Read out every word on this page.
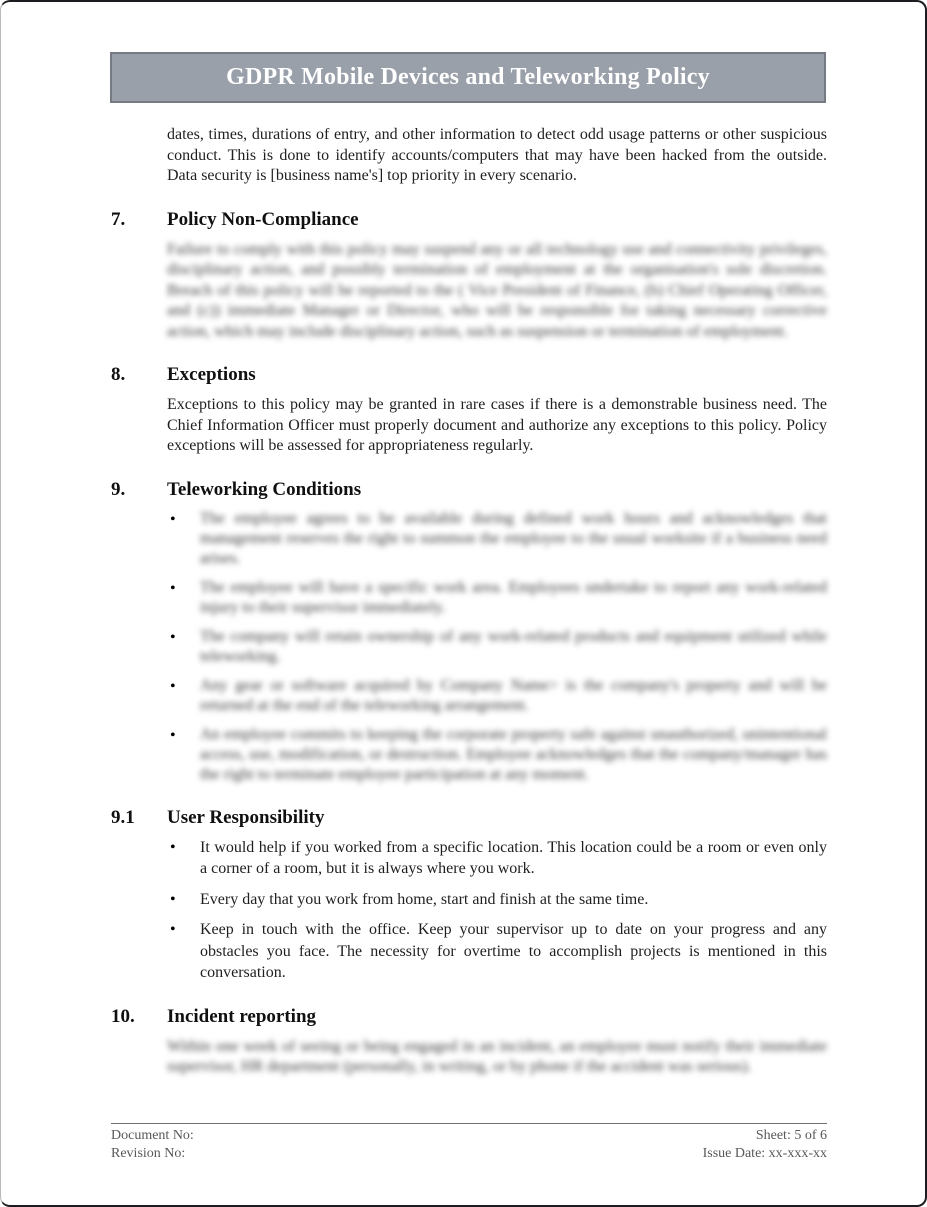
GDPR Mobile Devices and Teleworking Policy

dates, times, durations of entry, and other information to detect odd usage patterns or other suspicious conduct. This is done to identify accounts/computers that may have been hacked from the outside. Data security is [business name's] top priority in every scenario.

7.	Policy Non-Compliance

Failure to comply with this policy may suspend any or all technology use and connectivity privileges, disciplinary action, and possibly termination of employment at the organisation's sole discretion. Breach of this policy will be reported to the ( Vice President of Finance, (b) Chief Operating Officer, and (c)) immediate Manager or Director, who will be responsible for taking necessary corrective action, which may include disciplinary action, such as suspension or termination of employment.

8.	Exceptions

Exceptions to this policy may be granted in rare cases if there is a demonstrable business need. The Chief Information Officer must properly document and authorize any exceptions to this policy. Policy exceptions will be assessed for appropriateness regularly.

9.	Teleworking Conditions
•	The employee agrees to be available during defined work hours and acknowledges that management reserves the right to summon the employee to the usual worksite if a business need arises.
•	The employee will have a specific work area. Employees undertake to report any work-related injury to their supervisor immediately.
•	The company will retain ownership of any work-related products and equipment utilized while teleworking.
•	Any gear or software acquired by Company Name> is the company's property and will be returned at the end of the teleworking arrangement.
•	An employee commits to keeping the corporate property safe against unauthorized, unintentional access, use, modification, or destruction. Employee acknowledges that the company/manager has the right to terminate employee participation at any moment.
9.1	User Responsibility
•	It would help if you worked from a specific location. This location could be a room or even only a corner of a room, but it is always where you work.
•	Every day that you work from home, start and finish at the same time.
•	Keep in touch with the office. Keep your supervisor up to date on your progress and any obstacles you face. The necessity for overtime to accomplish projects is mentioned in this conversation.
10.	Incident reporting

Within one week of seeing or being engaged in an incident, an employee must notify their immediate supervisor, HR department (personally, in writing, or by phone if the accident was serious).

Document No:
Revision No:
Sheet: 5 of 6
Issue Date: xx-xxx-xx
